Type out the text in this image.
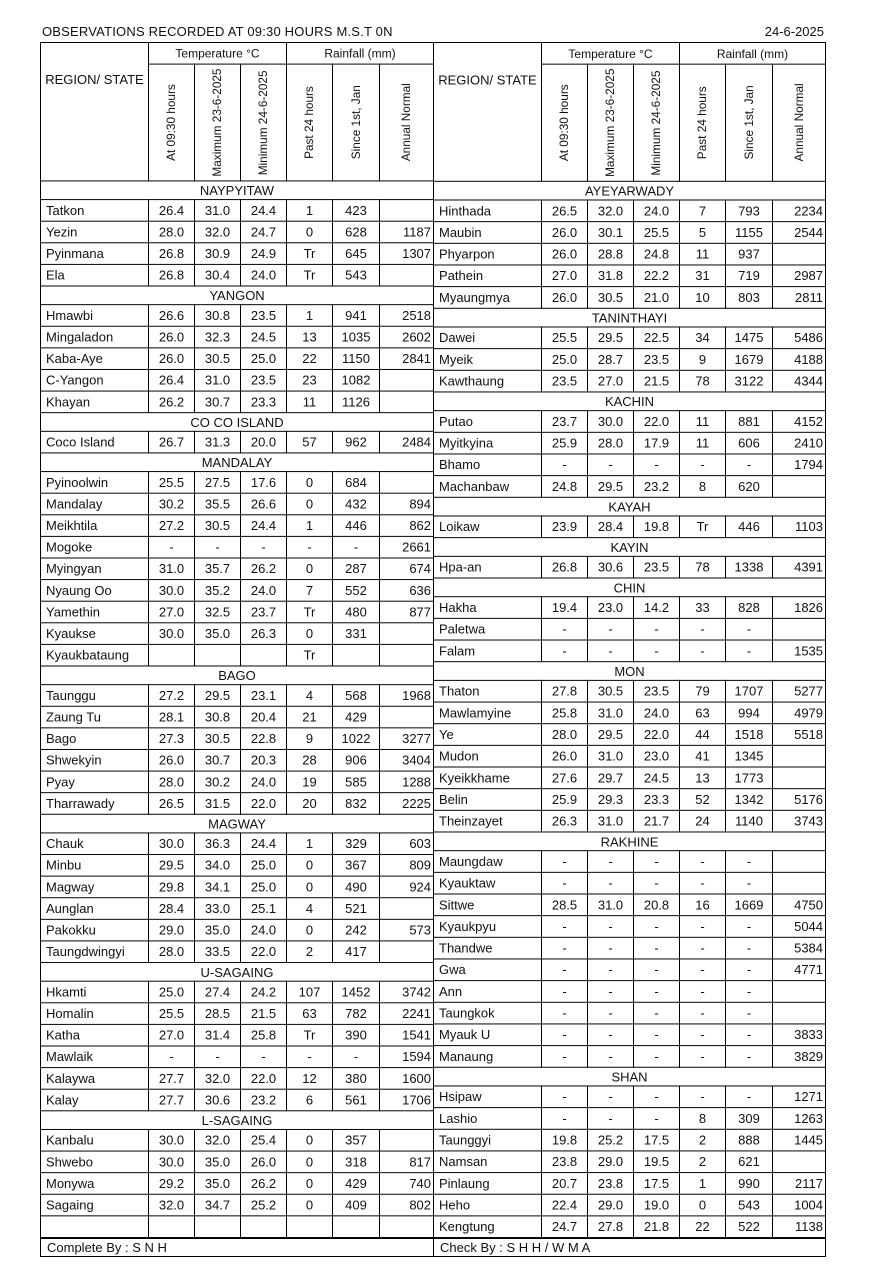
OBSERVATIONS RECORDED AT 09:30 HOURS M.S.T 0N	24-6-2025
REGION/ STATE	Temperature °C			Rainfall (mm)		

	At 09:30 hours	Maximum 23-6-2025	Minimum 24-6-2025	Past 24 hours	Since 1st, Jan	Annual Normal

NAYPYITAW						
Tatkon	26.4	31.0	24.4	1	423	
Yezin	28.0	32.0	24.7	0	628	1187
Pyinmana	26.8	30.9	24.9	Tr	645	1307
Ela	26.8	30.4	24.0	Tr	543	
YANGON						
Hmawbi	26.6	30.8	23.5	1	941	2518
Mingaladon	26.0	32.3	24.5	13	1035	2602
Kaba-Aye	26.0	30.5	25.0	22	1150	2841
C-Yangon	26.4	31.0	23.5	23	1082	
Khayan	26.2	30.7	23.3	11	1126	
CO CO ISLAND						
Coco Island	26.7	31.3	20.0	57	962	2484
MANDALAY						
Pyinoolwin	25.5	27.5	17.6	0	684	
Mandalay	30.2	35.5	26.6	0	432	894
Meikhtila	27.2	30.5	24.4	1	446	862
Mogoke	-	-	-	-	-	2661
Myingyan	31.0	35.7	26.2	0	287	674
Nyaung Oo	30.0	35.2	24.0	7	552	636
Yamethin	27.0	32.5	23.7	Tr	480	877
Kyaukse	30.0	35.0	26.3	0	331	
Kyaukbataung				Tr		
BAGO						
Taunggu	27.2	29.5	23.1	4	568	1968
Zaung Tu	28.1	30.8	20.4	21	429	
Bago	27.3	30.5	22.8	9	1022	3277
Shwekyin	26.0	30.7	20.3	28	906	3404
Pyay	28.0	30.2	24.0	19	585	1288
Tharrawady	26.5	31.5	22.0	20	832	2225
MAGWAY						
Chauk	30.0	36.3	24.4	1	329	603
Minbu	29.5	34.0	25.0	0	367	809
Magway	29.8	34.1	25.0	0	490	924
Aunglan	28.4	33.0	25.1	4	521	
Pakokku	29.0	35.0	24.0	0	242	573
Taungdwingyi	28.0	33.5	22.0	2	417	
U-SAGAING						
Hkamti	25.0	27.4	24.2	107	1452	3742
Homalin	25.5	28.5	21.5	63	782	2241
Katha	27.0	31.4	25.8	Tr	390	1541
Mawlaik	-	-	-	-	-	1594
Kalaywa	27.7	32.0	22.0	12	380	1600
Kalay	27.7	30.6	23.2	6	561	1706
L-SAGAING						
Kanbalu	30.0	32.0	25.4	0	357	
Shwebo	30.0	35.0	26.0	0	318	817
Monywa	29.2	35.0	26.2	0	429	740
Sagaing	32.0	34.7	25.2	0	409	802

REGION/ STATE	Temperature °C			Rainfall (mm)		

	At 09:30 hours	Maximum 23-6-2025	Minimum 24-6-2025	Past 24 hours	Since 1st, Jan	Annual Normal

AYEYARWADY						
Hinthada	26.5	32.0	24.0	7	793	2234
Maubin	26.0	30.1	25.5	5	1155	2544
Phyarpon	26.0	28.8	24.8	11	937	
Pathein	27.0	31.8	22.2	31	719	2987
Myaungmya	26.0	30.5	21.0	10	803	2811
TANINTHAYI						
Dawei	25.5	29.5	22.5	34	1475	5486
Myeik	25.0	28.7	23.5	9	1679	4188
Kawthaung	23.5	27.0	21.5	78	3122	4344
KACHIN						
Putao	23.7	30.0	22.0	11	881	4152
Myitkyina	25.9	28.0	17.9	11	606	2410
Bhamo	-	-	-	-	-	1794
Machanbaw	24.8	29.5	23.2	8	620	
KAYAH						
Loikaw	23.9	28.4	19.8	Tr	446	1103
KAYIN						
Hpa-an	26.8	30.6	23.5	78	1338	4391
CHIN						
Hakha	19.4	23.0	14.2	33	828	1826
Paletwa	-	-	-	-	-	
Falam	-	-	-	-	-	1535
MON						
Thaton	27.8	30.5	23.5	79	1707	5277
Mawlamyine	25.8	31.0	24.0	63	994	4979
Ye	28.0	29.5	22.0	44	1518	5518
Mudon	26.0	31.0	23.0	41	1345	
Kyeikkhame	27.6	29.7	24.5	13	1773	
Belin	25.9	29.3	23.3	52	1342	5176
Theinzayet	26.3	31.0	21.7	24	1140	3743
RAKHINE						
Maungdaw	-	-	-	-	-	
Kyauktaw	-	-	-	-	-	
Sittwe	28.5	31.0	20.8	16	1669	4750
Kyaukpyu	-	-	-	-	-	5044
Thandwe	-	-	-	-	-	5384
Gwa	-	-	-	-	-	4771
Ann	-	-	-	-	-	
Taungkok	-	-	-	-	-	
Myauk U	-	-	-	-	-	3833
Manaung	-	-	-	-	-	3829
SHAN						
Hsipaw	-	-	-	-	-	1271
Lashio	-	-	-	8	309	1263
Taunggyi	19.8	25.2	17.5	2	888	1445
Namsan	23.8	29.0	19.5	2	621	
Pinlaung	20.7	23.8	17.5	1	990	2117
Heho	22.4	29.0	19.0	0	543	1004
Kengtung	24.7	27.8	21.8	22	522	1138
Complete By : S N H	Check By : S H H / W M A
